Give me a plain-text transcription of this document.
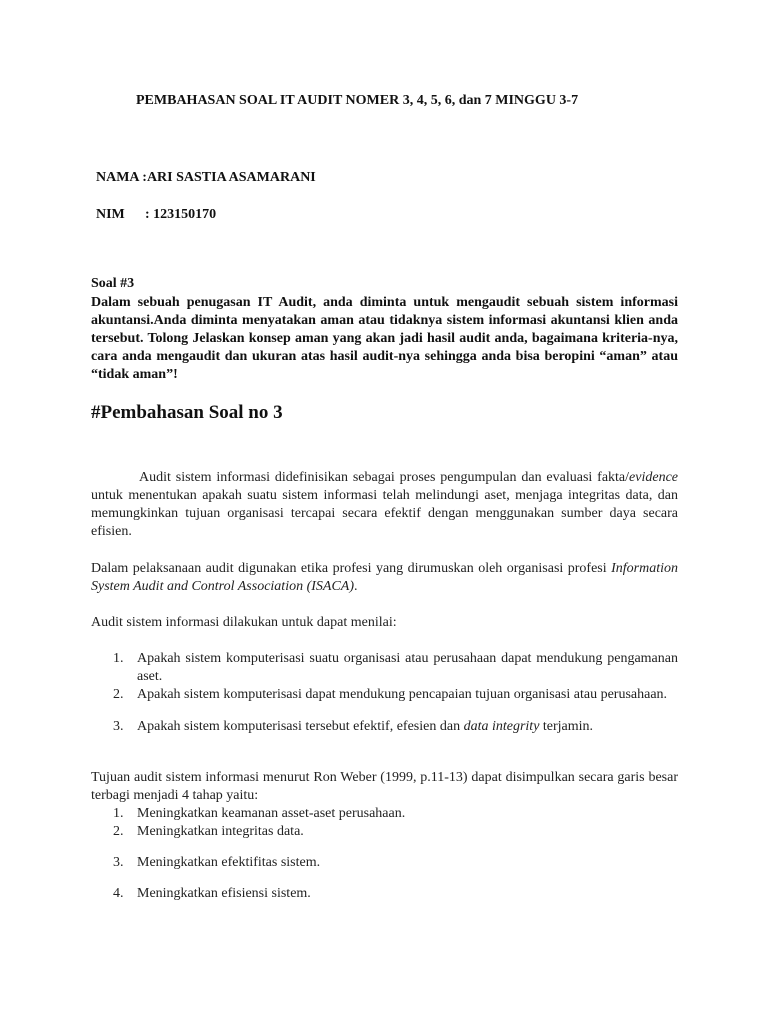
PEMBAHASAN SOAL IT AUDIT NOMER 3, 4, 5, 6, dan 7 MINGGU 3-7

NAMA :ARI SASTIA ASAMARANI

NIM : 123150170

Soal #3

Dalam sebuah penugasan IT Audit, anda diminta untuk mengaudit sebuah sistem informasi akuntansi.Anda diminta menyatakan aman atau tidaknya sistem informasi akuntansi klien anda tersebut. Tolong Jelaskan konsep aman yang akan jadi hasil audit anda, bagaimana kriteria-nya, cara anda mengaudit dan ukuran atas hasil audit-nya sehingga anda bisa beropini “aman” atau “tidak aman”!

#Pembahasan Soal no 3

Audit sistem informasi didefinisikan sebagai proses pengumpulan dan evaluasi fakta/evidence untuk menentukan apakah suatu sistem informasi telah melindungi aset, menjaga integritas data, dan memungkinkan tujuan organisasi tercapai secara efektif dengan menggunakan sumber daya secara efisien.

Dalam pelaksanaan audit digunakan etika profesi yang dirumuskan oleh organisasi profesi Information System Audit and Control Association (ISACA).

Audit sistem informasi dilakukan untuk dapat menilai:

1. Apakah sistem komputerisasi suatu organisasi atau perusahaan dapat mendukung pengamanan aset.
2. Apakah sistem komputerisasi dapat mendukung pencapaian tujuan organisasi atau perusahaan.
3. Apakah sistem komputerisasi tersebut efektif, efesien dan data integrity terjamin.

Tujuan audit sistem informasi menurut Ron Weber (1999, p.11-13) dapat disimpulkan secara garis besar terbagi menjadi 4 tahap yaitu:

1. Meningkatkan keamanan asset-aset perusahaan.
2. Meningkatkan integritas data.
3. Meningkatkan efektifitas sistem.
4. Meningkatkan efisiensi sistem.
